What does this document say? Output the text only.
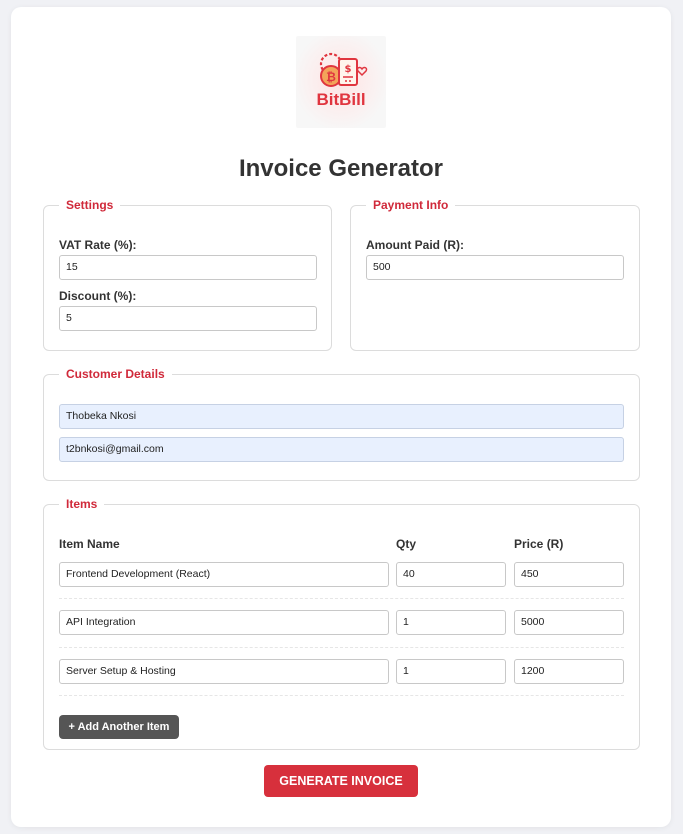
₿
$
BitBill
Invoice Generator
Settings
VAT Rate (%):
15
Discount (%):
5
Payment Info
Amount Paid (R):
500
Customer Details
Thobeka Nkosi
t2bnkosi@gmail.com
Items
Item Name	Qty	Price (R)
Frontend Development (React)	40	450
API Integration	1	5000
Server Setup & Hosting	1	1200
+ Add Another Item
GENERATE INVOICE
